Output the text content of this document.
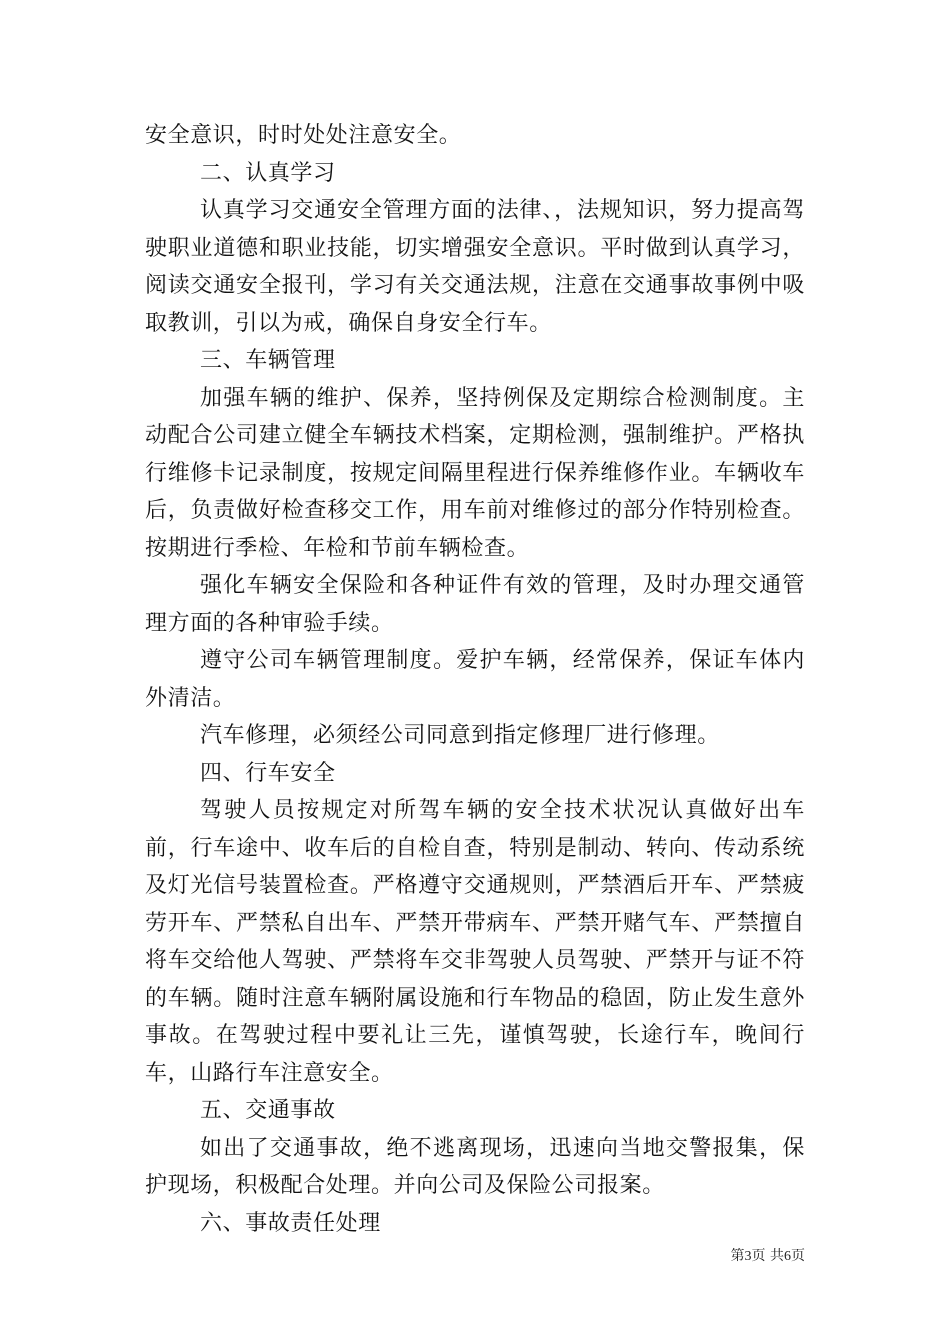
安全意识，时时处处注意安全。

二、认真学习

认真学习交通安全管理方面的法律、，法规知识，努力提高驾驶职业道德和职业技能，切实增强安全意识。平时做到认真学习，阅读交通安全报刊，学习有关交通法规，注意在交通事故事例中吸取教训，引以为戒，确保自身安全行车。

三、车辆管理

加强车辆的维护、保养，坚持例保及定期综合检测制度。主动配合公司建立健全车辆技术档案，定期检测，强制维护。严格执行维修卡记录制度，按规定间隔里程进行保养维修作业。车辆收车后，负责做好检查移交工作，用车前对维修过的部分作特别检查。按期进行季检、年检和节前车辆检查。

强化车辆安全保险和各种证件有效的管理，及时办理交通管理方面的各种审验手续。

遵守公司车辆管理制度。爱护车辆，经常保养，保证车体内外清洁。

汽车修理，必须经公司同意到指定修理厂进行修理。

四、行车安全

驾驶人员按规定对所驾车辆的安全技术状况认真做好出车前，行车途中、收车后的自检自查，特别是制动、转向、传动系统及灯光信号装置检查。严格遵守交通规则，严禁酒后开车、严禁疲劳开车、严禁私自出车、严禁开带病车、严禁开赌气车、严禁擅自将车交给他人驾驶、严禁将车交非驾驶人员驾驶、严禁开与证不符的车辆。随时注意车辆附属设施和行车物品的稳固，防止发生意外事故。在驾驶过程中要礼让三先，谨慎驾驶，长途行车，晚间行车，山路行车注意安全。

五、交通事故

如出了交通事故，绝不逃离现场，迅速向当地交警报集，保护现场，积极配合处理。并向公司及保险公司报案。

六、事故责任处理

第3页 共6页
